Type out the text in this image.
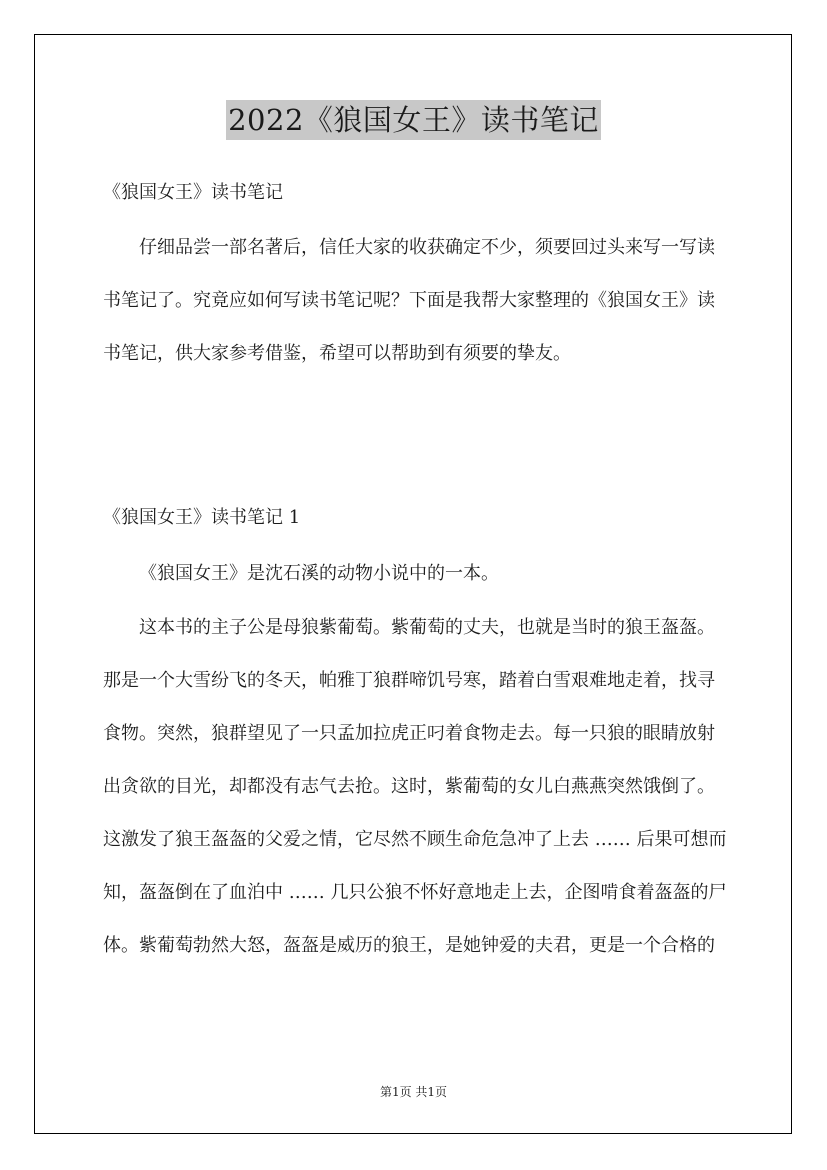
2022《狼国女王》读书笔记
《狼国女王》读书笔记

仔细品尝一部名著后，信任大家的收获确定不少，须要回过头来写一写读书笔记了。究竟应如何写读书笔记呢？下面是我帮大家整理的《狼国女王》读书笔记，供大家参考借鉴，希望可以帮助到有须要的挚友。

《狼国女王》读书笔记 1

《狼国女王》是沈石溪的动物小说中的一本。

这本书的主子公是母狼紫葡萄。紫葡萄的丈夫，也就是当时的狼王盔盔。那是一个大雪纷飞的冬天，帕雅丁狼群啼饥号寒，踏着白雪艰难地走着，找寻食物。突然，狼群望见了一只孟加拉虎正叼着食物走去。每一只狼的眼睛放射出贪欲的目光，却都没有志气去抢。这时，紫葡萄的女儿白燕燕突然饿倒了。这激发了狼王盔盔的父爱之情，它尽然不顾生命危急冲了上去 …… 后果可想而知，盔盔倒在了血泊中 …… 几只公狼不怀好意地走上去，企图啃食着盔盔的尸体。紫葡萄勃然大怒，盔盔是威历的狼王，是她钟爱的夫君，更是一个合格的

第1页 共1页
